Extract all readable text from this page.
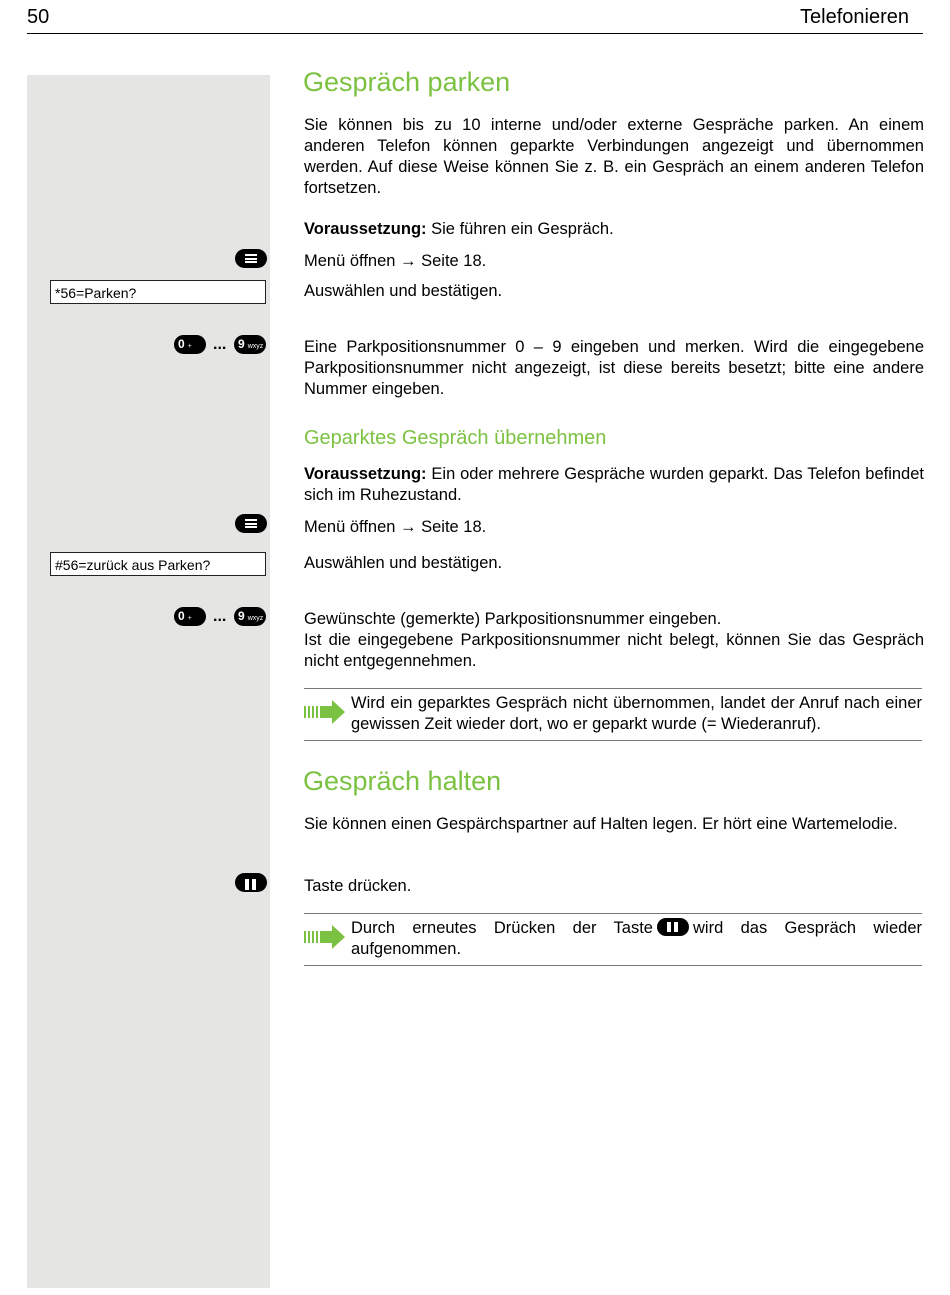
50	Telefonieren
Gespräch parken
Sie können bis zu 10 interne und/oder externe Gespräche parken. An einem anderen Telefon können geparkte Verbindungen angezeigt und übernommen werden. Auf diese Weise können Sie z. B. ein Gespräch an einem anderen Telefon fortsetzen.
Voraussetzung: Sie führen ein Gespräch.
Menü öffnen → Seite 18.
*56=Parken?	Auswählen und bestätigen.
0 +	... 9 wxyz Eine Parkpositionsnummer 0 – 9 eingeben und merken. Wird die eingegebene Parkpositionsnummer nicht angezeigt, ist diese bereits besetzt; bitte eine andere Nummer eingeben.
Geparktes Gespräch übernehmen
Voraussetzung: Ein oder mehrere Gespräche wurden geparkt. Das Telefon befindet sich im Ruhezustand.
Menü öffnen → Seite 18.
#56=zurück aus Parken?	Auswählen und bestätigen.
0 +	... 9 wxyz Gewünschte (gemerkte) Parkpositionsnummer eingeben.
Ist die eingegebene Parkpositionsnummer nicht belegt, können Sie das Gespräch nicht entgegennehmen.
Wird ein geparktes Gespräch nicht übernommen, landet der Anruf nach einer gewissen Zeit wieder dort, wo er geparkt wurde (= Wiederanruf).
Gespräch halten
Sie können einen Gespärchspartner auf Halten legen. Er hört eine Wartemelodie.
Taste drücken.
Durch erneutes Drücken der Taste wird das Gespräch wieder aufgenommen.
